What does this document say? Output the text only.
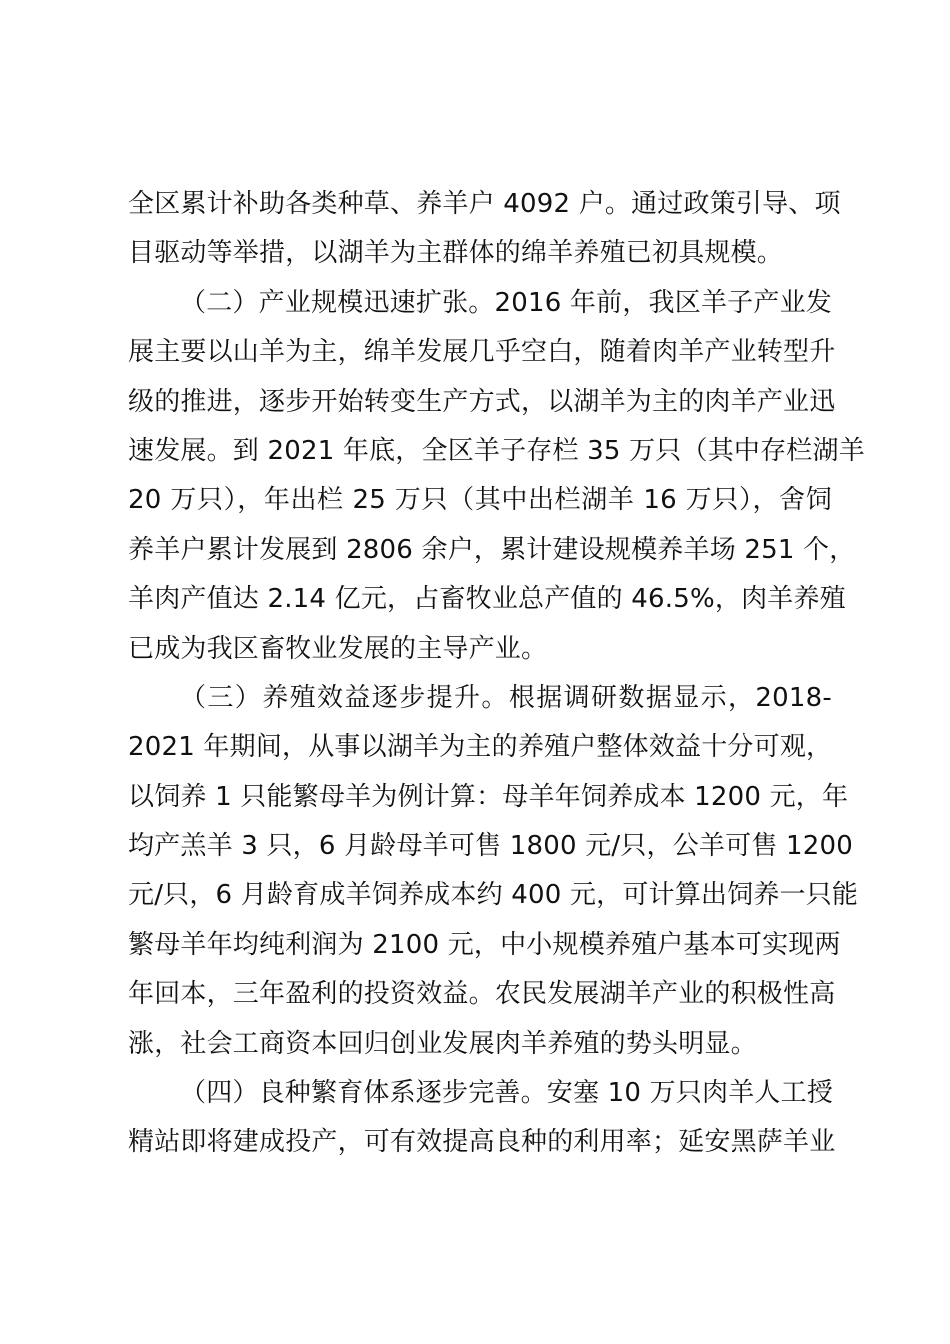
全区累计补助各类种草、养羊户 4092 户。通过政策引导、项
目驱动等举措，以湖羊为主群体的绵羊养殖已初具规模。
（二）产业规模迅速扩张。2016 年前，我区羊子产业发
展主要以山羊为主，绵羊发展几乎空白，随着肉羊产业转型升
级的推进，逐步开始转变生产方式，以湖羊为主的肉羊产业迅
速发展。到 2021 年底，全区羊子存栏 35 万只（其中存栏湖羊
20 万只），年出栏 25 万只（其中出栏湖羊 16 万只），舍饲
养羊户累计发展到 2806 余户，累计建设规模养羊场 251 个，
羊肉产值达 2.14 亿元，占畜牧业总产值的 46.5%，肉羊养殖
已成为我区畜牧业发展的主导产业。
（三）养殖效益逐步提升。根据调研数据显示，2018-
2021 年期间，从事以湖羊为主的养殖户整体效益十分可观，
以饲养 1 只能繁母羊为例计算：母羊年饲养成本 1200 元，年
均产羔羊 3 只，6 月龄母羊可售 1800 元/只，公羊可售 1200
元/只，6 月龄育成羊饲养成本约 400 元，可计算出饲养一只能
繁母羊年均纯利润为 2100 元，中小规模养殖户基本可实现两
年回本，三年盈利的投资效益。农民发展湖羊产业的积极性高
涨，社会工商资本回归创业发展肉羊养殖的势头明显。
（四）良种繁育体系逐步完善。安塞 10 万只肉羊人工授
精站即将建成投产，可有效提高良种的利用率；延安黑萨羊业
